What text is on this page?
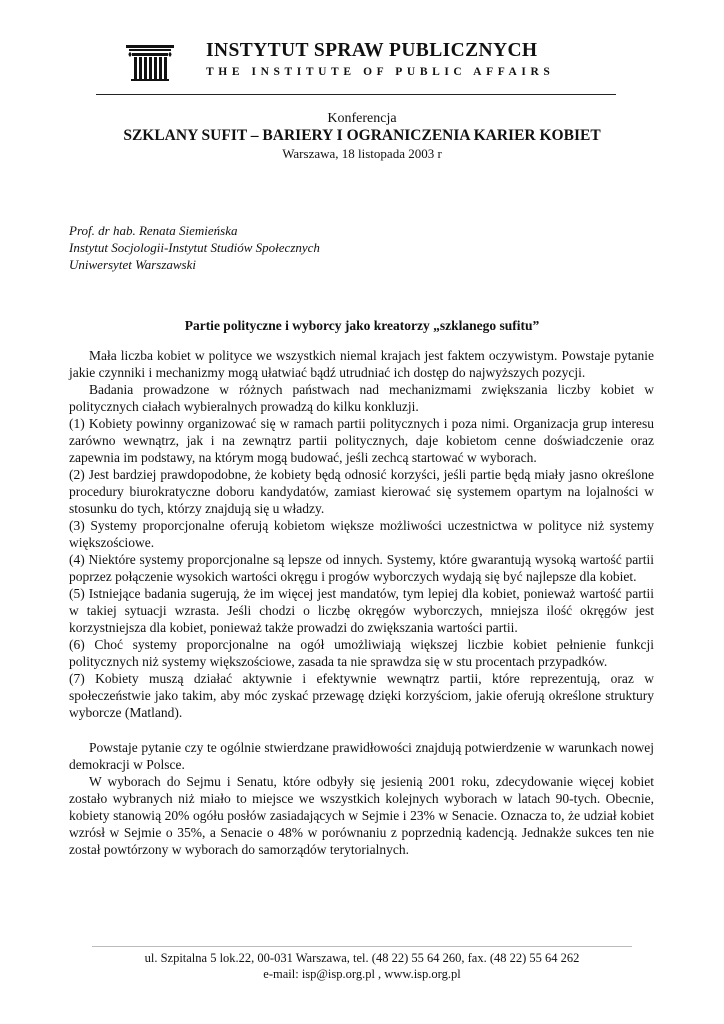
INSTYTUT SPRAW PUBLICZNYCH
THE INSTITUTE OF PUBLIC AFFAIRS
Konferencja
SZKLANY SUFIT – BARIERY I OGRANICZENIA KARIER KOBIET
Warszawa, 18 listopada 2003 r
Prof. dr hab. Renata Siemieńska
Instytut Socjologii-Instytut Studiów Społecznych
Uniwersytet Warszawski
Partie polityczne i wyborcy jako kreatorzy „szklanego sufitu”

Mała liczba kobiet w polityce we wszystkich niemal krajach jest faktem oczywistym. Powstaje pytanie jakie czynniki i mechanizmy mogą ułatwiać bądź utrudniać ich dostęp do najwyższych pozycji.

Badania prowadzone w różnych państwach nad mechanizmami zwiększania liczby kobiet w politycznych ciałach wybieralnych prowadzą do kilku konkluzji.

(1) Kobiety powinny organizować się w ramach partii politycznych i poza nimi. Organizacja grup interesu zarówno wewnątrz, jak i na zewnątrz partii politycznych, daje kobietom cenne doświadczenie oraz zapewnia im podstawy, na którym mogą budować, jeśli zechcą startować w wyborach.

(2) Jest bardziej prawdopodobne, że kobiety będą odnosić korzyści, jeśli partie będą miały jasno określone procedury biurokratyczne doboru kandydatów, zamiast kierować się systemem opartym na lojalności w stosunku do tych, którzy znajdują się u władzy.

(3) Systemy proporcjonalne oferują kobietom większe możliwości uczestnictwa w polityce niż systemy większościowe.

(4) Niektóre systemy proporcjonalne są lepsze od innych. Systemy, które gwarantują wysoką wartość partii poprzez połączenie wysokich wartości okręgu i progów wyborczych wydają się być najlepsze dla kobiet.

(5) Istniejące badania sugerują, że im więcej jest mandatów, tym lepiej dla kobiet, ponieważ wartość partii w takiej sytuacji wzrasta. Jeśli chodzi o liczbę okręgów wyborczych, mniejsza ilość okręgów jest korzystniejsza dla kobiet, ponieważ także prowadzi do zwiększania wartości partii.

(6) Choć systemy proporcjonalne na ogół umożliwiają większej liczbie kobiet pełnienie funkcji politycznych niż systemy większościowe, zasada ta nie sprawdza się w stu procentach przypadków.

(7) Kobiety muszą działać aktywnie i efektywnie wewnątrz partii, które reprezentują, oraz w społeczeństwie jako takim, aby móc zyskać przewagę dzięki korzyściom, jakie oferują określone struktury wyborcze (Matland).

Powstaje pytanie czy te ogólnie stwierdzane prawidłowości znajdują potwierdzenie w warunkach nowej demokracji w Polsce.

W wyborach do Sejmu i Senatu, które odbyły się jesienią 2001 roku, zdecydowanie więcej kobiet zostało wybranych niż miało to miejsce we wszystkich kolejnych wyborach w latach 90-tych. Obecnie, kobiety stanowią 20% ogółu posłów zasiadających w Sejmie i 23% w Senacie. Oznacza to, że udział kobiet wzrósł w Sejmie o 35%, a Senacie o 48% w porównaniu z poprzednią kadencją. Jednakże sukces ten nie został powtórzony w wyborach do samorządów terytorialnych.

ul. Szpitalna 5 lok.22, 00-031 Warszawa, tel. (48 22) 55 64 260, fax. (48 22) 55 64 262
e-mail: isp@isp.org.pl , www.isp.org.pl
